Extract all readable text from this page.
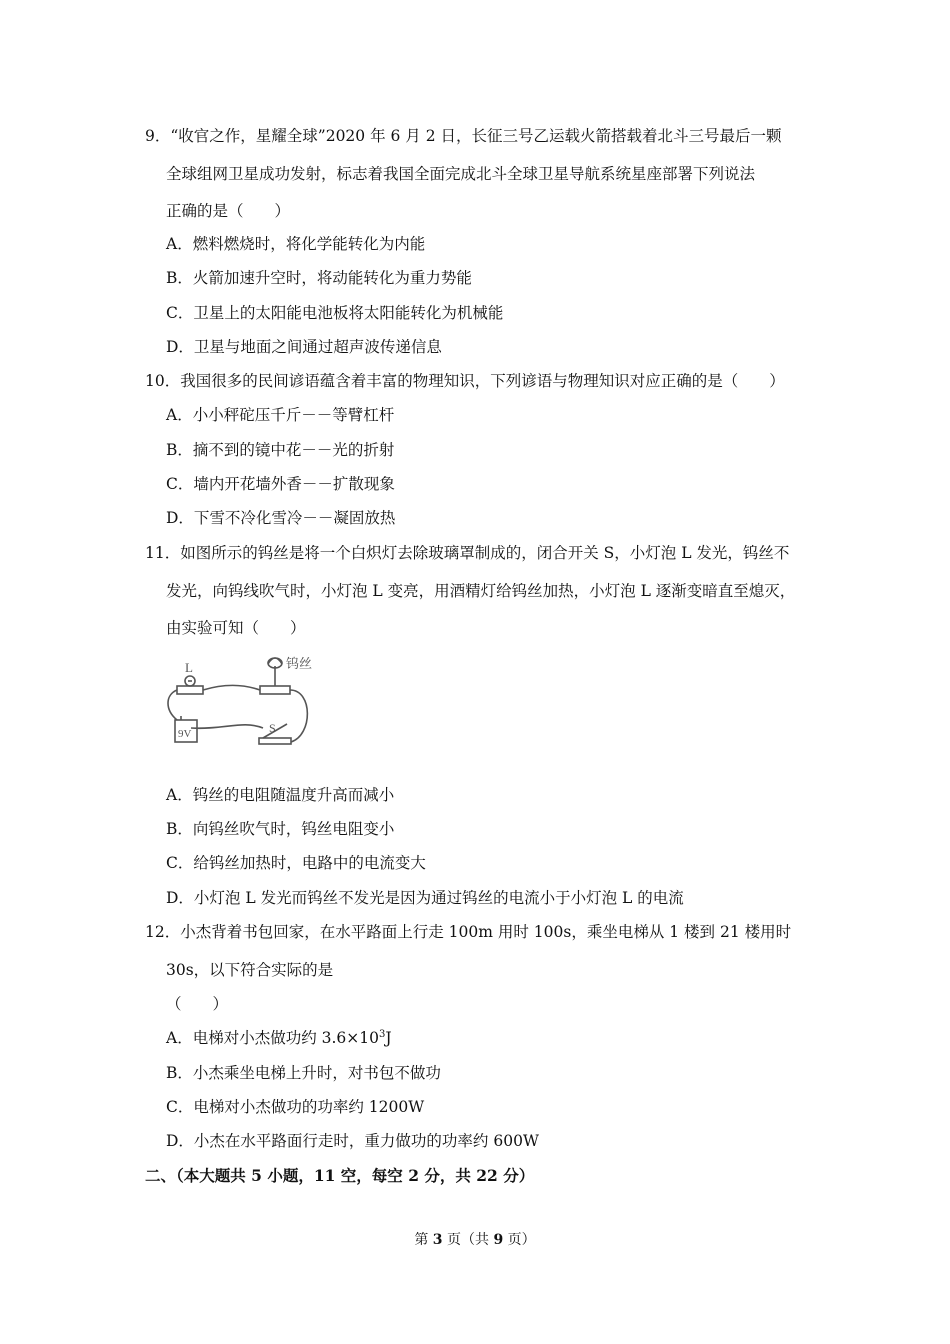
9．“收官之作，星耀全球”2020 年 6 月 2 日，长征三号乙运载火箭搭载着北斗三号最后一颗
全球组网卫星成功发射，标志着我国全面完成北斗全球卫星导航系统星座部署下列说法
正确的是（　　）
A．燃料燃烧时，将化学能转化为内能
B．火箭加速升空时，将动能转化为重力势能
C．卫星上的太阳能电池板将太阳能转化为机械能
D．卫星与地面之间通过超声波传递信息
10．我国很多的民间谚语蕴含着丰富的物理知识，下列谚语与物理知识对应正确的是（　　）
A．小小秤砣压千斤－－等臂杠杆
B．摘不到的镜中花－－光的折射
C．墙内开花墙外香－－扩散现象
D．下雪不冷化雪冷－－凝固放热
11．如图所示的钨丝是将一个白炽灯去除玻璃罩制成的，闭合开关 S，小灯泡 L 发光，钨丝不
发光，向钨线吹气时，小灯泡 L 变亮，用酒精灯给钨丝加热，小灯泡 L 逐渐变暗直至熄灭，
由实验可知（　　）
L	钨丝
9V	S
A．钨丝的电阻随温度升高而减小
B．向钨丝吹气时，钨丝电阻变小
C．给钨丝加热时，电路中的电流变大
D．小灯泡 L 发光而钨丝不发光是因为通过钨丝的电流小于小灯泡 L 的电流
12．小杰背着书包回家，在水平路面上行走 100m 用时 100s，乘坐电梯从 1 楼到 21 楼用时
30s，以下符合实际的是
（　　）
A．电梯对小杰做功约 $3.6\times 10^3J$
B．小杰乘坐电梯上升时，对书包不做功
C．电梯对小杰做功的功率约 1200W
D．小杰在水平路面行走时，重力做功的功率约 600W
二、（本大题共 5 小题，11 空，每空 2 分，共 22 分）
第 3 页（共 9 页）
